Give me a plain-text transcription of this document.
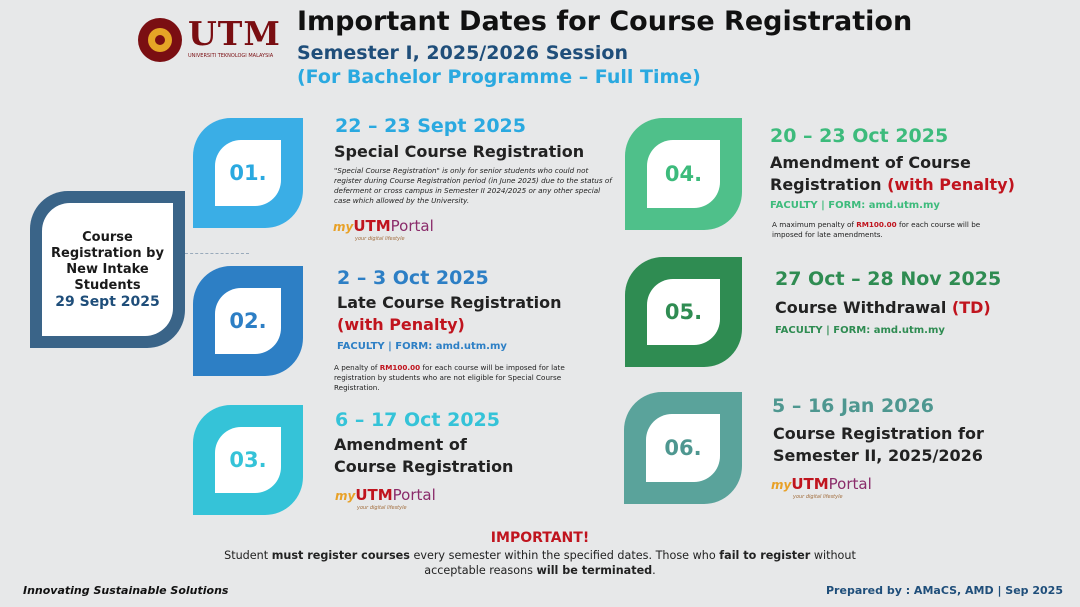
UTM
UNIVERSITI TEKNOLOGI MALAYSIA
Important Dates for Course Registration
Semester I, 2025/2026 Session
(For Bachelor Programme – Full Time)
Course
Registration by
New Intake
Students
29 Sept 2025
01.
22 – 23 Sept 2025
Special Course Registration
"Special Course Registration" is only for senior students who could not register during Course Registration period (in June 2025) due to the status of deferment or cross campus in Semester II 2024/2025 or any other special case which allowed by the University.
myUTMPortal
your digital lifestyle
02.
2 – 3 Oct 2025
Late Course Registration
(with Penalty)
FACULTY | FORM: amd.utm.my
A penalty of RM100.00 for each course will be imposed for late registration by students who are not eligible for Special Course Registration.
03.
6 – 17 Oct 2025
Amendment of
Course Registration
myUTMPortal
your digital lifestyle
04.
20 – 23 Oct 2025
Amendment of Course
Registration (with Penalty)
FACULTY | FORM: amd.utm.my
A maximum penalty of RM100.00 for each course will be imposed for late amendments.
05.
27 Oct – 28 Nov 2025
Course Withdrawal (TD)
FACULTY | FORM: amd.utm.my
06.
5 – 16 Jan 2026
Course Registration for
Semester II, 2025/2026
myUTMPortal
your digital lifestyle
IMPORTANT!
Student must register courses every semester within the specified dates. Those who fail to register without acceptable reasons will be terminated.
Innovating Sustainable Solutions	Prepared by : AMaCS, AMD | Sep 2025
